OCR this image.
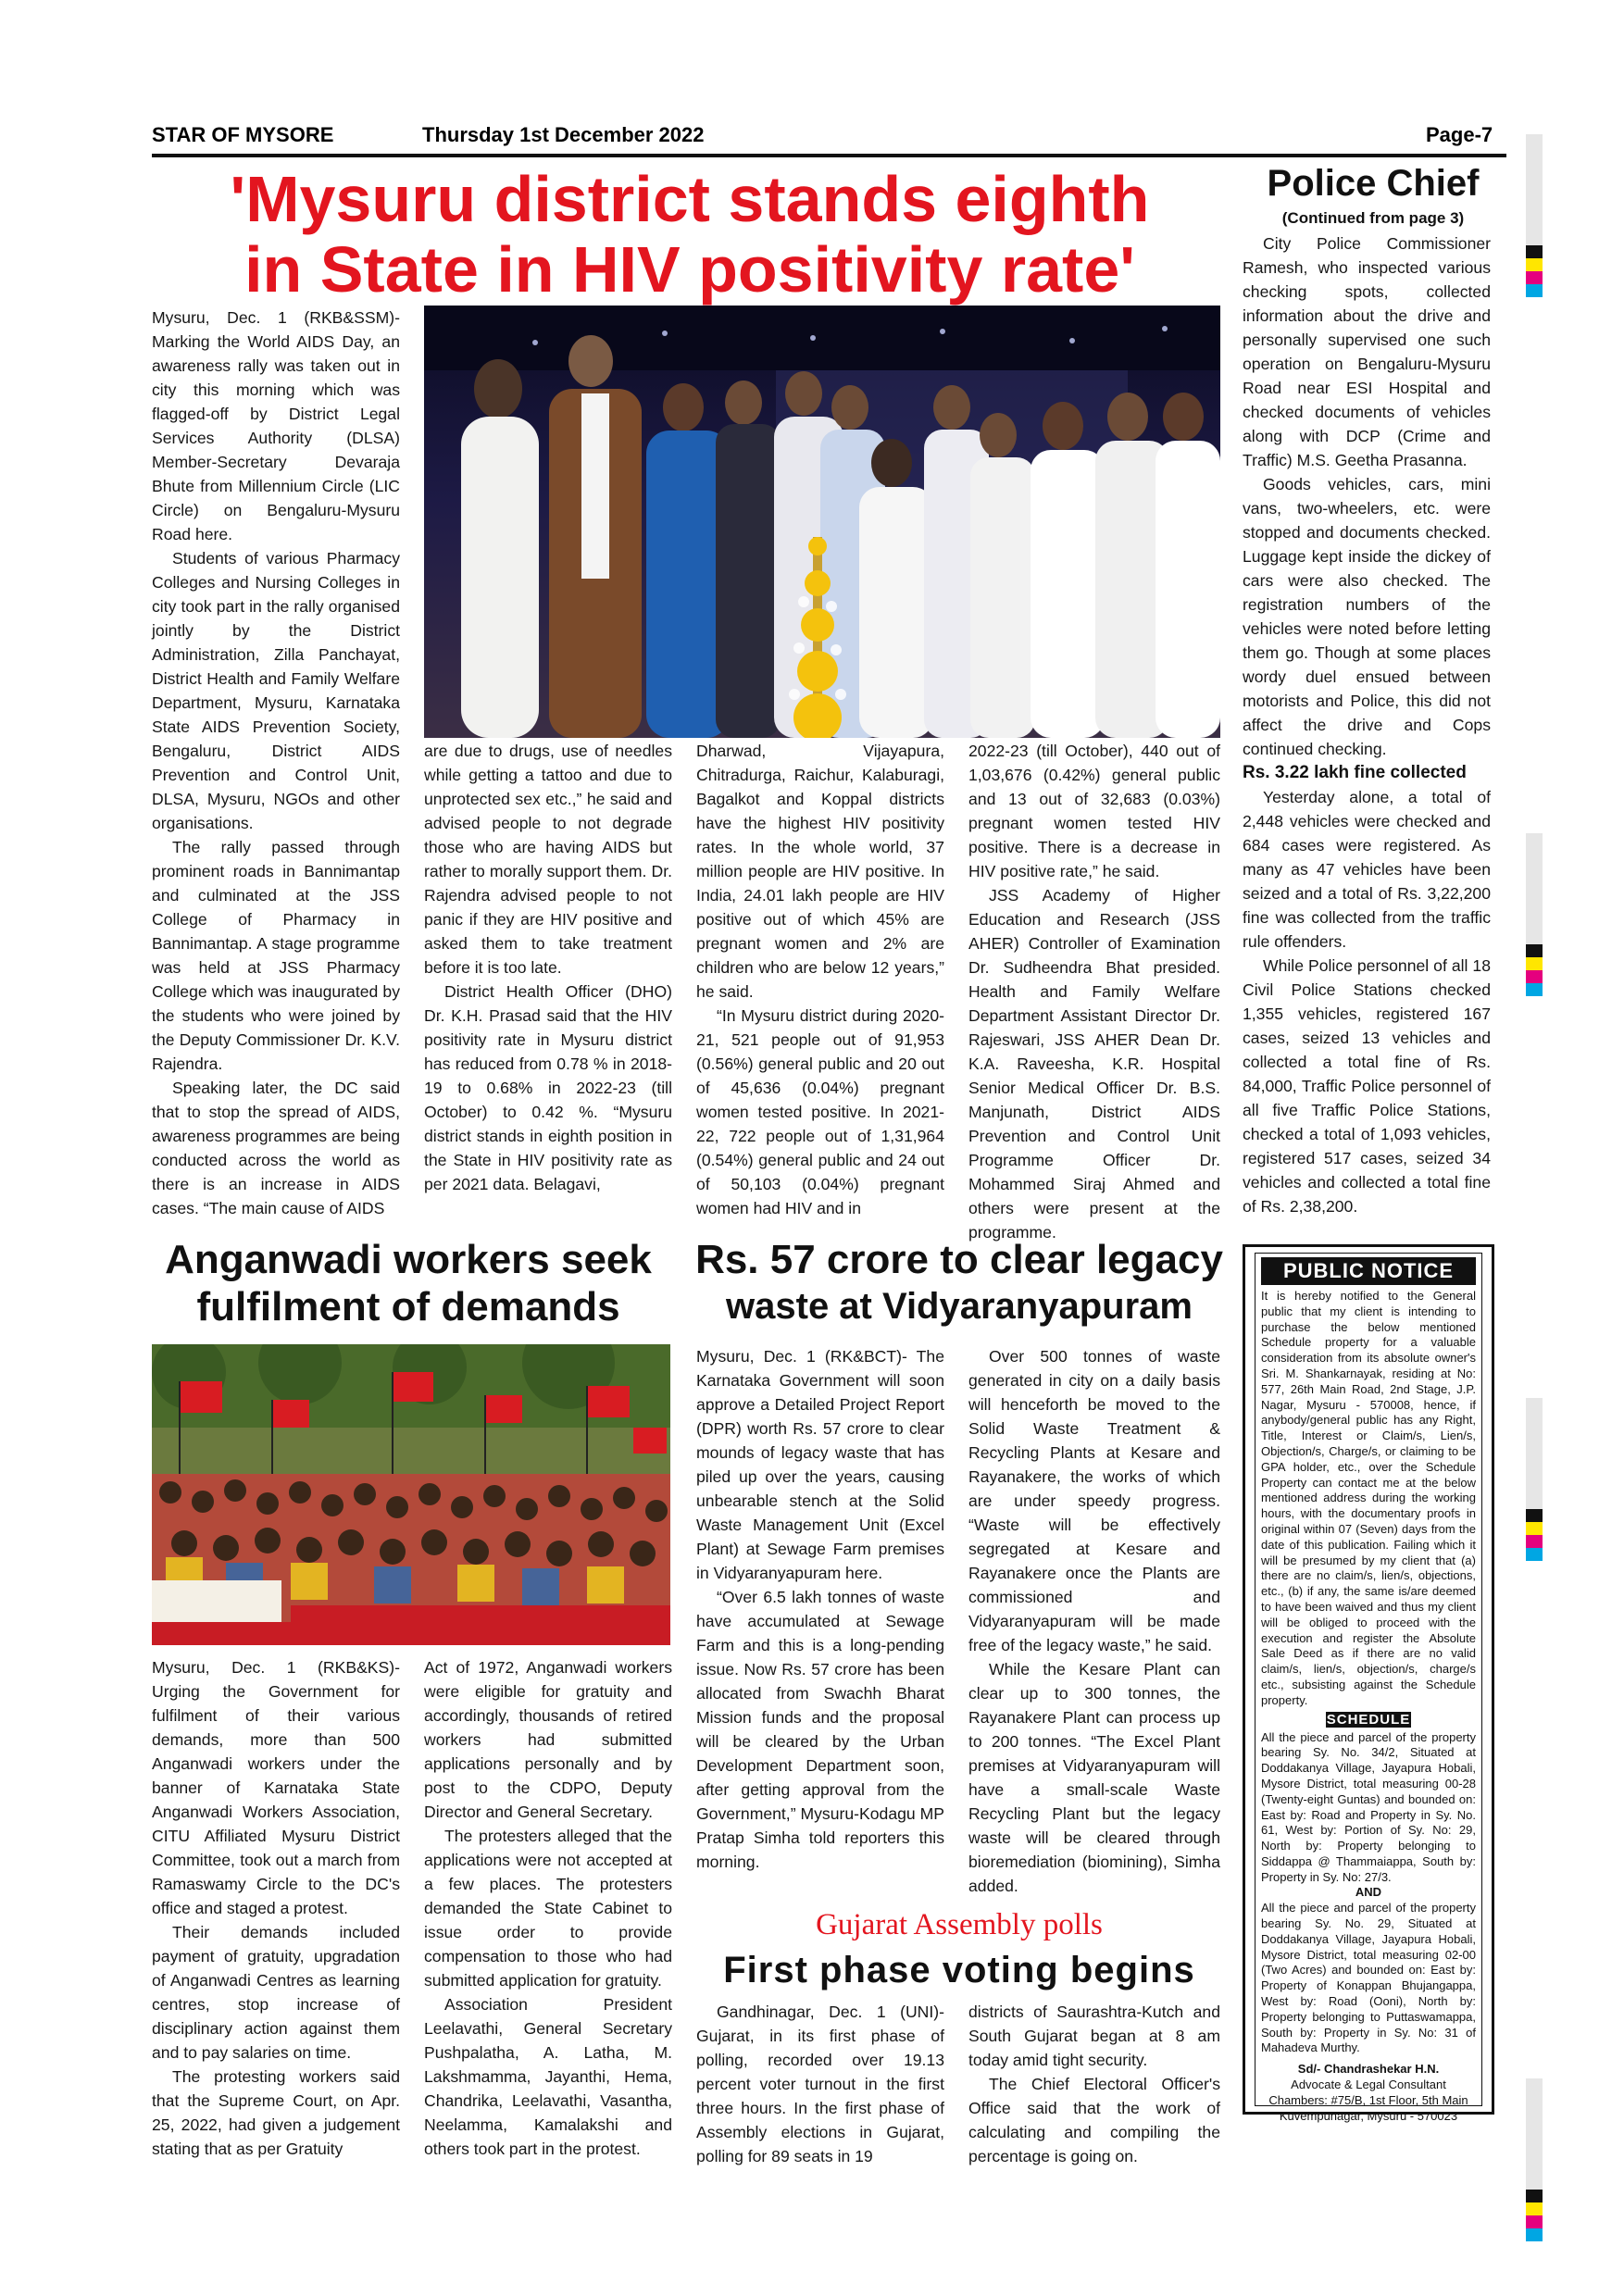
STAR OF MYSORE	Thursday 1st December 2022	Page-7
'Mysuru district stands eighth
in State in HIV positivity rate'

Mysuru, Dec. 1 (RKB&SSM)- Marking the World AIDS Day, an awareness rally was taken out in city this morning which was flagged-off by District Legal Services Authority (DLSA) Member-Secretary Devaraja Bhute from Millennium Circle (LIC Circle) on Bengaluru-Mysuru Road here.

Students of various Pharmacy Colleges and Nursing Colleges in city took part in the rally organised jointly by the District Administration, Zilla Panchayat, District Health and Family Welfare Department, Mysuru, Karnataka State AIDS Prevention Society, Bengaluru, District AIDS Prevention and Control Unit, DLSA, Mysuru, NGOs and other organisations.

The rally passed through prominent roads in Bannimantap and culminated at the JSS College of Pharmacy in Bannimantap. A stage programme was held at JSS Pharmacy College which was inaugurated by the students who were joined by the Deputy Commissioner Dr. K.V. Rajendra.

Speaking later, the DC said that to stop the spread of AIDS, awareness programmes are being conducted across the world as there is an increase in AIDS cases. “The main cause of AIDS

are due to drugs, use of needles while getting a tattoo and due to unprotected sex etc.,” he said and advised people to not degrade those who are having AIDS but rather to morally support them. Dr. Rajendra advised people to not panic if they are HIV positive and asked them to take treatment before it is too late.

District Health Officer (DHO) Dr. K.H. Prasad said that the HIV positivity rate in Mysuru district has reduced from 0.78 % in 2018-19 to 0.68% in 2022-23 (till October) to 0.42 %. “Mysuru district stands in eighth position in the State in HIV positivity rate as per 2021 data. Belagavi,

Dharwad, Vijayapura, Chitradurga, Raichur, Kalaburagi, Bagalkot and Koppal districts have the highest HIV positivity rates. In the whole world, 37 million people are HIV positive. In India, 24.01 lakh people are HIV positive out of which 45% are pregnant women and 2% are children who are below 12 years,” he said.

“In Mysuru district during 2020-21, 521 people out of 91,953 (0.56%) general public and 20 out of 45,636 (0.04%) pregnant women tested positive. In 2021-22, 722 people out of 1,31,964 (0.54%) general public and 24 out of 50,103 (0.04%) pregnant women had HIV and in

2022-23 (till October), 440 out of 1,03,676 (0.42%) general public and 13 out of 32,683 (0.03%) pregnant women tested HIV positive. There is a decrease in HIV positive rate,” he said.

JSS Academy of Higher Education and Research (JSS AHER) Controller of Examination Dr. Sudheendra Bhat presided. Health and Family Welfare Department Assistant Director Dr. Rajeswari, JSS AHER Dean Dr. K.A. Raveesha, K.R. Hospital Senior Medical Officer Dr. B.S. Manjunath, District AIDS Prevention and Control Unit Programme Officer Dr. Mohammed Siraj Ahmed and others were present at the programme.

Police Chief
(Continued from page 3)

City Police Commissioner Ramesh, who inspected various checking spots, collected information about the drive and personally supervised one such operation on Bengaluru-Mysuru Road near ESI Hospital and checked documents of vehicles along with DCP (Crime and Traffic) M.S. Geetha Prasanna.

Goods vehicles, cars, mini vans, two-wheelers, etc. were stopped and documents checked. Luggage kept inside the dickey of cars were also checked. The registration numbers of the vehicles were noted before letting them go. Though at some places wordy duel ensued between motorists and Police, this did not affect the drive and Cops continued checking.

Rs. 3.22 lakh fine collected

Yesterday alone, a total of 2,448 vehicles were checked and 684 cases were registered. As many as 47 vehicles have been seized and a total of Rs. 3,22,200 fine was collected from the traffic rule offenders.

While Police personnel of all 18 Civil Police Stations checked 1,355 vehicles, registered 167 cases, seized 13 vehicles and collected a total fine of Rs. 84,000, Traffic Police personnel of all five Traffic Police Stations, checked a total of 1,093 vehicles, registered 517 cases, seized 34 vehicles and collected a total fine of Rs. 2,38,200.

Anganwadi workers seek
fulfilment of demands

Mysuru, Dec. 1 (RKB&KS)- Urging the Government for fulfilment of their various demands, more than 500 Anganwadi workers under the banner of Karnataka State Anganwadi Workers Association, CITU Affiliated Mysuru District Committee, took out a march from Ramaswamy Circle to the DC's office and staged a protest.

Their demands included payment of gratuity, upgradation of Anganwadi Centres as learning centres, stop increase of disciplinary action against them and to pay salaries on time.

The protesting workers said that the Supreme Court, on Apr. 25, 2022, had given a judgement stating that as per Gratuity

Act of 1972, Anganwadi workers were eligible for gratuity and accordingly, thousands of retired workers had submitted applications personally and by post to the CDPO, Deputy Director and General Secretary.

The protesters alleged that the applications were not accepted at a few places. The protesters demanded the State Cabinet to issue order to provide compensation to those who had submitted application for gratuity.

Association President Leelavathi, General Secretary Pushpalatha, A. Latha, M. Lakshmamma, Jayanthi, Hema, Chandrika, Leelavathi, Vasantha, Neelamma, Kamalakshi and others took part in the protest.

Rs. 57 crore to clear legacy
waste at Vidyaranyapuram

Mysuru, Dec. 1 (RK&BCT)- The Karnataka Government will soon approve a Detailed Project Report (DPR) worth Rs. 57 crore to clear mounds of legacy waste that has piled up over the years, causing unbearable stench at the Solid Waste Management Unit (Excel Plant) at Sewage Farm premises in Vidyaranyapuram here.

“Over 6.5 lakh tonnes of waste have accumulated at Sewage Farm and this is a long-pending issue. Now Rs. 57 crore has been allocated from Swachh Bharat Mission funds and the proposal will be cleared by the Urban Development Department soon, after getting approval from the Government,” Mysuru-Kodagu MP Pratap Simha told reporters this morning.

Over 500 tonnes of waste generated in city on a daily basis will henceforth be moved to the Solid Waste Treatment & Recycling Plants at Kesare and Rayanakere, the works of which are under speedy progress. “Waste will be effectively segregated at Kesare and Rayanakere once the Plants are commissioned and Vidyaranyapuram will be made free of the legacy waste,” he said.

While the Kesare Plant can clear up to 300 tonnes, the Rayanakere Plant can process up to 200 tonnes. “The Excel Plant premises at Vidyaranyapuram will have a small-scale Waste Recycling Plant but the legacy waste will be cleared through bioremediation (biomining), Simha added.

Gujarat Assembly polls
First phase voting begins

Gandhinagar, Dec. 1 (UNI)- Gujarat, in its first phase of polling, recorded over 19.13 percent voter turnout in the first three hours. In the first phase of Assembly elections in Gujarat, polling for 89 seats in 19

districts of Saurashtra-Kutch and South Gujarat began at 8 am today amid tight security.

The Chief Electoral Officer's Office said that the work of calculating and compiling the percentage is going on.

PUBLIC NOTICE
It is hereby notified to the General public that my client is intending to purchase the below mentioned Schedule property for a valuable consideration from its absolute owner's Sri. M. Shankarnayak, residing at No: 577, 26th Main Road, 2nd Stage, J.P. Nagar, Mysuru - 570008, hence, if anybody/general public has any Right, Title, Interest or Claim/s, Lien/s, Objection/s, Charge/s, or claiming to be GPA holder, etc., over the Schedule Property can contact me at the below mentioned address during the working hours, with the documentary proofs in original within 07 (Seven) days from the date of this publication. Failing which it will be presumed by my client that (a) there are no claim/s, lien/s, objections, etc., (b) if any, the same is/are deemed to have been waived and thus my client will be obliged to proceed with the execution and register the Absolute Sale Deed as if there are no valid claim/s, lien/s, objection/s, charge/s etc., subsisting against the Schedule property.
SCHEDULE
All the piece and parcel of the property bearing Sy. No. 34/2, Situated at Doddakanya Village, Jayapura Hobali, Mysore District, total measuring 00-28 (Twenty-eight Guntas) and bounded on: East by: Road and Property in Sy. No. 61, West by: Portion of Sy. No: 29, North by: Property belonging to Siddappa @ Thammaiappa, South by: Property in Sy. No: 27/3.
AND
All the piece and parcel of the property bearing Sy. No. 29, Situated at Doddakanya Village, Jayapura Hobali, Mysore District, total measuring 02-00 (Two Acres) and bounded on: East by: Property of Konappan Bhujangappa, West by: Road (Ooni), North by: Property belonging to Puttaswamappa, South by: Property in Sy. No: 31 of Mahadeva Murthy.
Sd/- Chandrashekar H.N.
Advocate & Legal Consultant
Chambers: #75/B, 1st Floor, 5th Main
Kuvempunagar, Mysuru - 570023
